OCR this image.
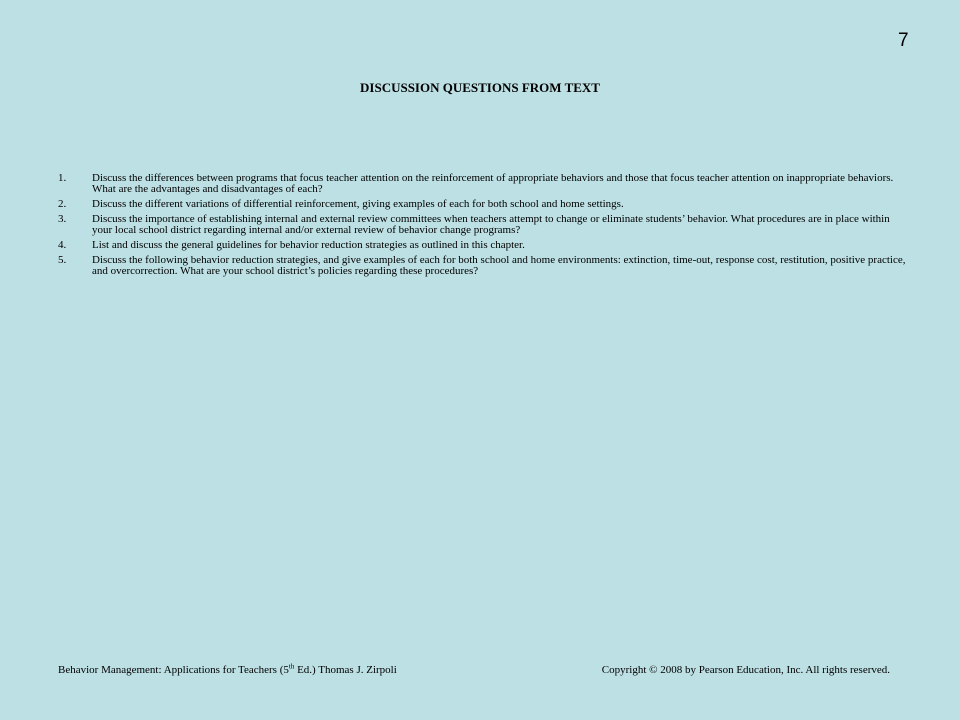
7
DISCUSSION QUESTIONS FROM TEXT
1.	Discuss the differences between programs that focus teacher attention on the reinforcement of appropriate behaviors and those that focus teacher attention on inappropriate behaviors. What are the advantages and disadvantages of each?
2.	Discuss the different variations of differential reinforcement, giving examples of each for both school and home settings.
3.	Discuss the importance of establishing internal and external review committees when teachers attempt to change or eliminate students’ behavior. What procedures are in place within your local school district regarding internal and/or external review of behavior change programs?
4.	List and discuss the general guidelines for behavior reduction strategies as outlined in this chapter.
5.	Discuss the following behavior reduction strategies, and give examples of each for both school and home environments: extinction, time-out, response cost, restitution, positive practice, and overcorrection. What are your school district’s policies regarding these procedures?
Behavior Management: Applications for Teachers (5th Ed.) Thomas J. Zirpoli	Copyright © 2008 by Pearson Education, Inc. All rights reserved.
